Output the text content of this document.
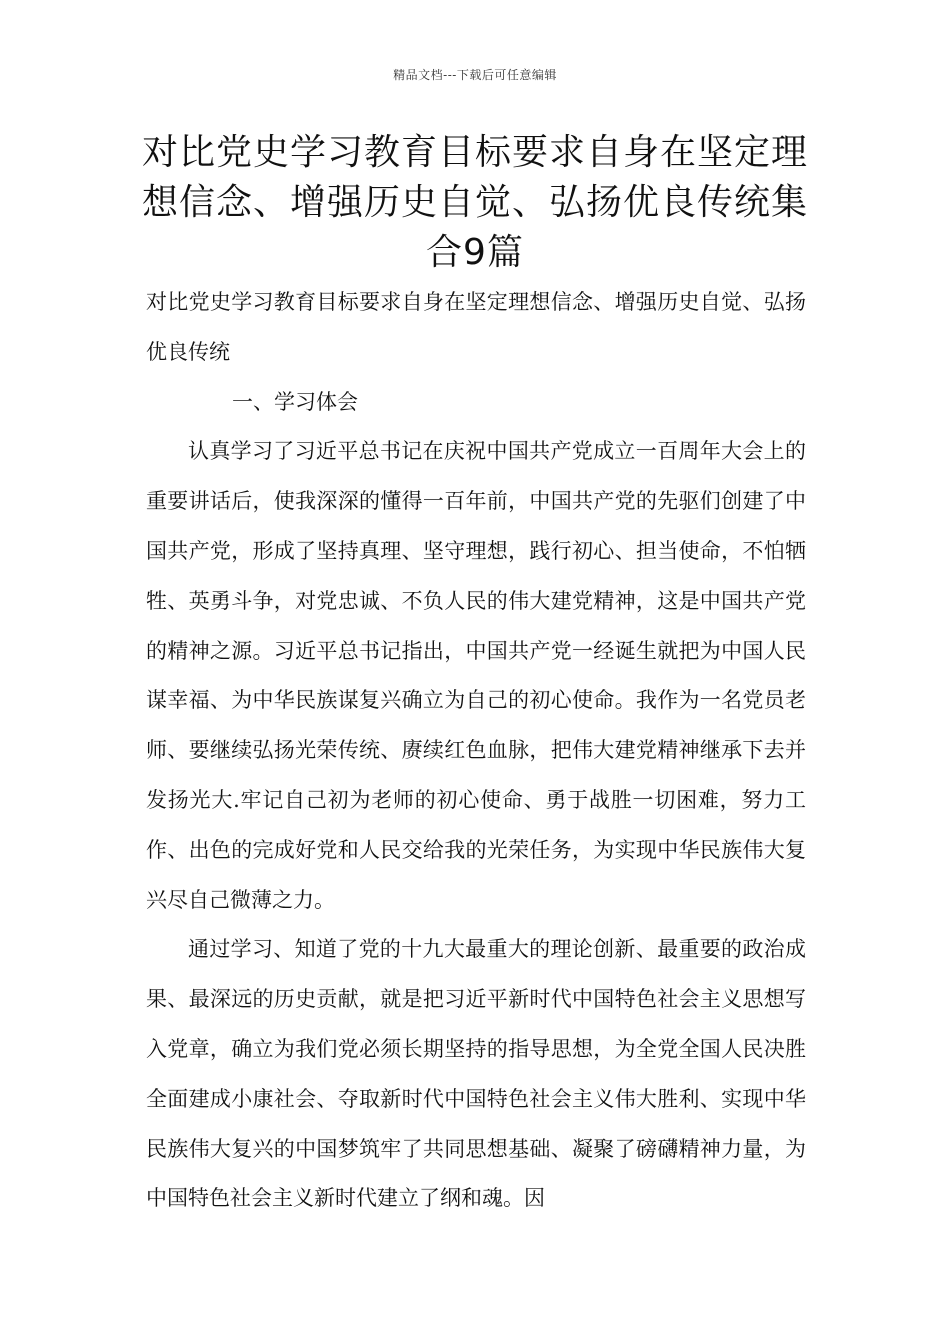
精品文档---下载后可任意编辑
对比党史学习教育目标要求自身在坚定理想信念、增强历史自觉、弘扬优良传统集合9篇

对比党史学习教育目标要求自身在坚定理想信念、增强历史自觉、弘扬优良传统

一、学习体会

认真学习了习近平总书记在庆祝中国共产党成立一百周年大会上的重要讲话后，使我深深的懂得一百年前，中国共产党的先驱们创建了中国共产党，形成了坚持真理、坚守理想，践行初心、担当使命，不怕牺牲、英勇斗争，对党忠诚、不负人民的伟大建党精神，这是中国共产党的精神之源。习近平总书记指出，中国共产党一经诞生就把为中国人民谋幸福、为中华民族谋复兴确立为自己的初心使命。我作为一名党员老师、要继续弘扬光荣传统、赓续红色血脉，把伟大建党精神继承下去并发扬光大.牢记自己初为老师的初心使命、勇于战胜一切困难，努力工作、出色的完成好党和人民交给我的光荣任务，为实现中华民族伟大复兴尽自己微薄之力。

通过学习、知道了党的十九大最重大的理论创新、最重要的政治成果、最深远的历史贡献，就是把习近平新时代中国特色社会主义思想写入党章，确立为我们党必须长期坚持的指导思想，为全党全国人民决胜全面建成小康社会、夺取新时代中国特色社会主义伟大胜利、实现中华民族伟大复兴的中国梦筑牢了共同思想基础、凝聚了磅礴精神力量，为中国特色社会主义新时代建立了纲和魂。因
